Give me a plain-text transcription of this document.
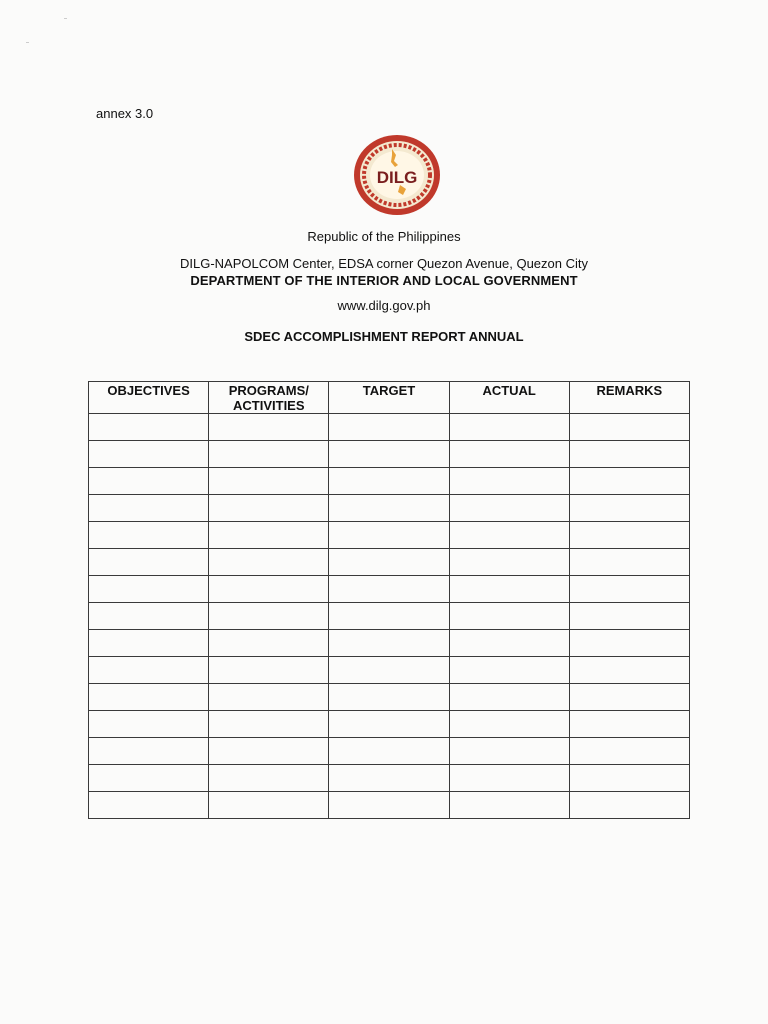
annex 3.0
DILG
Republic of the Philippines
DILG-NAPOLCOM Center, EDSA corner Quezon Avenue, Quezon City
DEPARTMENT OF THE INTERIOR AND LOCAL GOVERNMENT
www.dilg.gov.ph
SDEC ACCOMPLISHMENT REPORT ANNUAL
OBJECTIVES	PROGRAMS/ ACTIVITIES	TARGET	ACTUAL	REMARKS
